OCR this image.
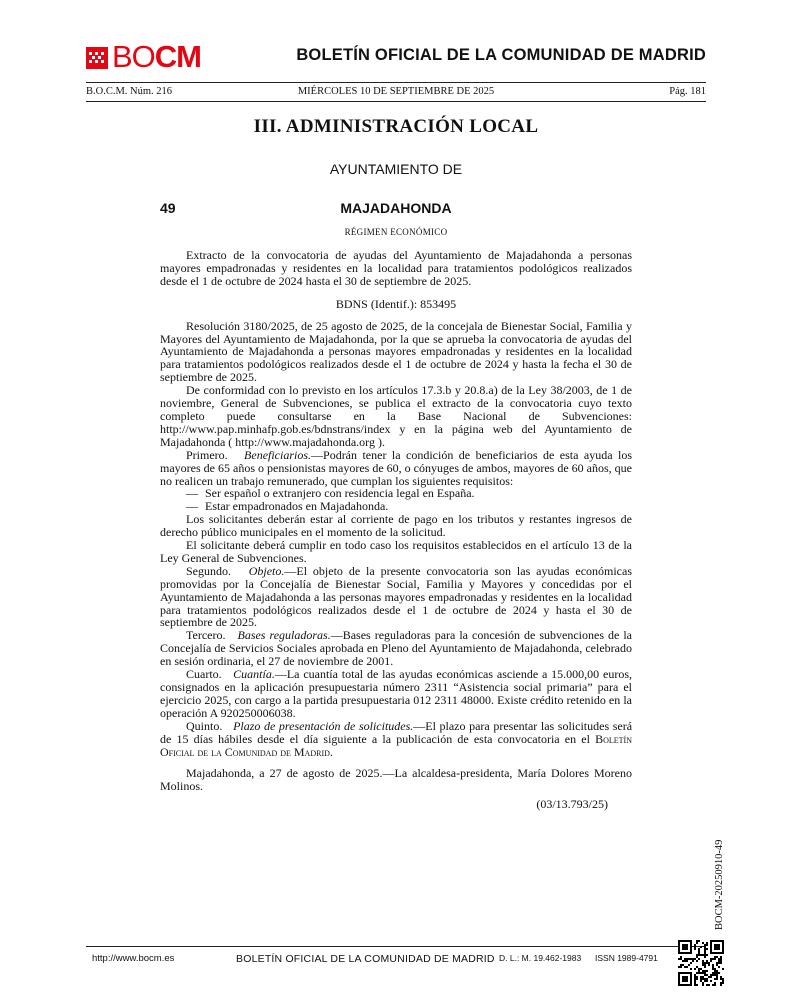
BO CM	BOLETÍN OFICIAL DE LA COMUNIDAD DE MADRID
B.O.C.M. Núm. 216	MIÉRCOLES 10 DE SEPTIEMBRE DE 2025	Pág. 181
III. ADMINISTRACIÓN LOCAL
AYUNTAMIENTO DE
49	MAJADAHONDA
RÉGIMEN ECONÓMICO

Extracto de la convocatoria de ayudas del Ayuntamiento de Majadahonda a personas mayores empadronadas y residentes en la localidad para tratamientos podológicos realizados desde el 1 de octubre de 2024 hasta el 30 de septiembre de 2025.

BDNS (Identif.): 853495

Resolución 3180/2025, de 25 agosto de 2025, de la concejala de Bienestar Social, Familia y Mayores del Ayuntamiento de Majadahonda, por la que se aprueba la convocatoria de ayudas del Ayuntamiento de Majadahonda a personas mayores empadronadas y residentes en la localidad para tratamientos podológicos realizados desde el 1 de octubre de 2024 y hasta la fecha el 30 de septiembre de 2025.

De conformidad con lo previsto en los artículos 17.3.b y 20.8.a) de la Ley 38/2003, de 1 de noviembre, General de Subvenciones, se publica el extracto de la convocatoria cuyo texto completo puede consultarse en la Base Nacional de Subvenciones: http://www.pap.minhafp.gob.es/bdnstrans/index y en la página web del Ayuntamiento de Majadahonda ( http://www.majadahonda.org ).

Primero. Beneficiarios.—Podrán tener la condición de beneficiarios de esta ayuda los mayores de 65 años o pensionistas mayores de 60, o cónyuges de ambos, mayores de 60 años, que no realicen un trabajo remunerado, que cumplan los siguientes requisitos:

— Ser español o extranjero con residencia legal en España.

— Estar empadronados en Majadahonda.

Los solicitantes deberán estar al corriente de pago en los tributos y restantes ingresos de derecho público municipales en el momento de la solicitud.

El solicitante deberá cumplir en todo caso los requisitos establecidos en el artículo 13 de la Ley General de Subvenciones.

Segundo. Objeto.—El objeto de la presente convocatoria son las ayudas económicas promovidas por la Concejalía de Bienestar Social, Familia y Mayores y concedidas por el Ayuntamiento de Majadahonda a las personas mayores empadronadas y residentes en la localidad para tratamientos podológicos realizados desde el 1 de octubre de 2024 y hasta el 30 de septiembre de 2025.

Tercero. Bases reguladoras.—Bases reguladoras para la concesión de subvenciones de la Concejalía de Servicios Sociales aprobada en Pleno del Ayuntamiento de Majadahonda, celebrado en sesión ordinaria, el 27 de noviembre de 2001.

Cuarto. Cuantía.—La cuantía total de las ayudas económicas asciende a 15.000,00 euros, consignados en la aplicación presupuestaria número 2311 “Asistencia social primaria” para el ejercicio 2025, con cargo a la partida presupuestaria 012 2311 48000. Existe crédito retenido en la operación A 920250006038.

Quinto. Plazo de presentación de solicitudes.—El plazo para presentar las solicitudes será de 15 días hábiles desde el día siguiente a la publicación de esta convocatoria en el Boletín Oficial de la Comunidad de Madrid.

Majadahonda, a 27 de agosto de 2025.—La alcaldesa-presidenta, María Dolores Moreno Molinos.

(03/13.793/25)

BOCM-20250910-49
http://www.bocm.es	BOLETÍN OFICIAL DE LA COMUNIDAD DE MADRID D. L.: M. 19.462-1983 ISSN 1989-4791
